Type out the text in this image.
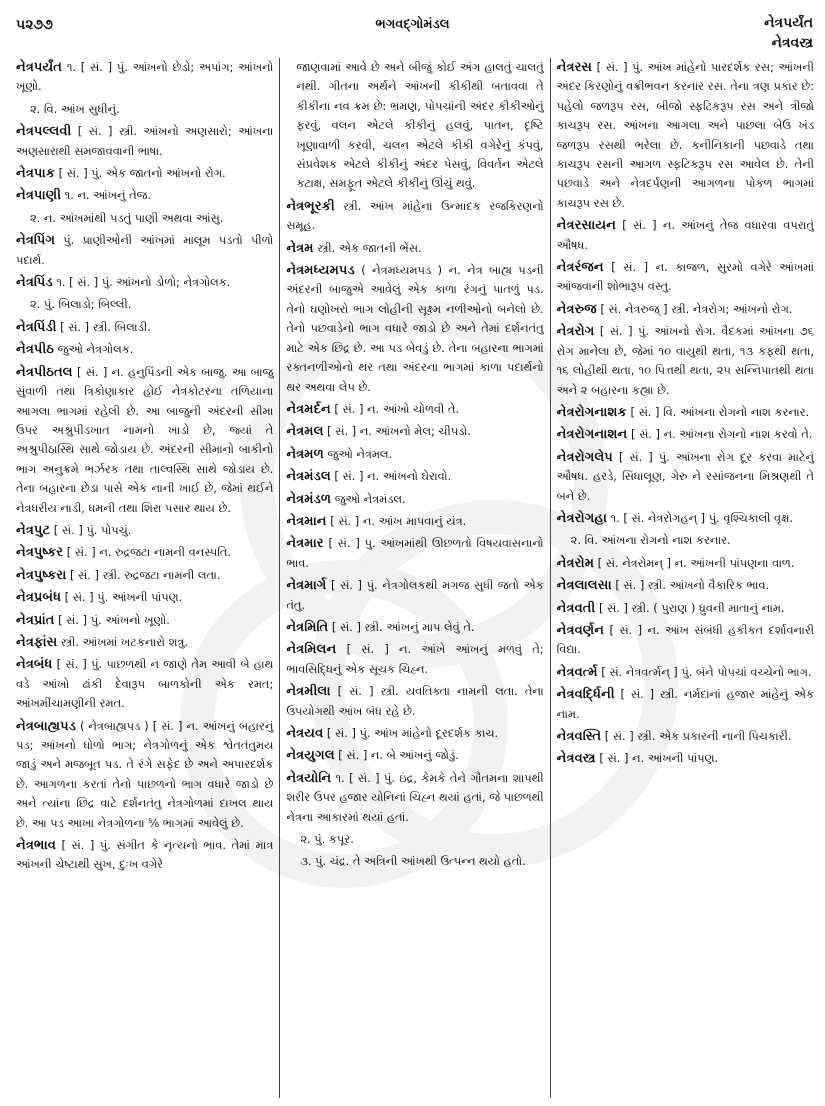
૫૨૭૭	ભગવદ્ગોમંડલ	નેત્રપર્યંત
નેત્રવસ્ત્ર
નેત્રપર્યંત ૧. [ સં. ] પું. આંખનો છેડો; અપાંગ; આંખનો ખૂણો.
૨. વિ. આંખ સુધીનું.
નેત્રપલ્લવી [ સં. ] સ્ત્રી. આંખનો અણસારો; આંખના અણસારાથી સમજાવવાની ભાષા.
નેત્રપાક [ સં. ] પું. એક જાતનો આંખનો રોગ.
નેત્રપાણી ૧. ન. આંખનું તેજ.
૨. ન. આંખમાંથી પડતું પાણી અથવા આંસુ.
નેત્રપિંગ પું. પ્રાણીઓની આંખમાં માલૂમ પડતો પીળો પદાર્થ.
નેત્રપિંડ ૧. [ સં. ] પું. આંખનો ડોળો; નેત્રગોલક.
૨. પું. બિલાડો; બિલ્લી.
નેત્રપિંડી [ સં. ] સ્ત્રી. બિલાડી.
નેત્રપીઠ જુઓ નેત્રગોલક.
નેત્રપીઠતલ [ સં. ] ન. હનુપિંડની એક બાજુ. આ બાજુ સુંવાળી તથા ત્રિકોણાકાર હોઈ નેત્રકોટરના તળિયાના આગલા ભાગમાં રહેલી છે. આ બાજુની અંદરની સીમા ઉપર અશ્રુપીડખાત નામનો ખાડો છે, જ્યાં તે અશ્રુપીઠાસ્થિ સાથે જોડાય છે. અંદરની સીમાનો બાકીનો ભાગ અનુક્રમે ભર્ઝરક તથા તાલ્વસ્થિ સાથે જોડાય છે. તેના બહારના છેડા પાસે એક નાની ખાઈ છે, જેમાં થઈને નેત્રધરીય નાડી, ધમની તથા શિરા પસાર થાય છે.
નેત્રપુટ [ સં. ] પું. પોપચું.
નેત્રપુષ્કર [ સં. ] ન. રુદ્રજટા નામની વનસ્પતિ.
નેત્રપુષ્કરા [ સં. ] સ્ત્રી. રુદ્રજટા નામની લતા.
નેત્રપ્રબંધ [ સં. ] પું. આંખની પાંપણ.
નેત્રપ્રાંત [ સં. ] પું. આંખનો ખૂણો.
નેત્રફાંસ સ્ત્રી. આંખમાં ખટકનારો શત્રુ.
નેત્રબંધ [ સં. ] પું. પાછળથી ન જાણે તેમ આવી બે હાથ વડે આંખો ઢાંકી દેવારૂપ બાળકોની એક રમત; આંખમીંચામણીની રમત.
નેત્રબાહ્યપડ ( નેત્રબાહ્યપડ ) [ સં. ] ન. આંખનું બહારનું પડ; આંખનો ધોળો ભાગ; નેત્રગોળનું એક શ્વેતતંતુમય જાડું અને મજબૂત પડ. તે રંગે સફેદ છે અને અપારદર્શક છે. આગળના કરતાં તેનો પાછળનો ભાગ વધારે જાડો છે અને ત્યાંના છિદ્ર વાટે દર્શનતંતુ નેત્રગોળમાં દાખલ થાય છે. આ પડ આખા નેત્રગોળના ⅚ ભાગમાં આવેલું છે.
નેત્રભાવ [ સં. ] પું. સંગીત કે નૃત્યનો ભાવ. તેમાં માત્ર આંખની ચેષ્ટાથી સુખ, દુઃખ વગેરે
જાણવામાં આવે છે અને બીજું કોઈ અંગ હાલતું ચાલતું નથી. ગીતના અર્થને આંખની કીકીથી બતાવવા તે કીકીના નવ ક્રમ છે: ભ્રમણ, પોપચાંની અંદર કીકીઓનું ફરવું, વલન એટલે કીકીનું હલવું, પાતન, દૃષ્ટિ ખૂણાવાળી કરવી, ચલન એટલે કીકી વગેરેનું કંપવું, સંપ્રવેશક એટલે કીકીનું અંદર પેસવું, વિવર્તન એટલે કટાક્ષ, સમફૂત એટલે કીકીનું ઊંચું થવું.
નેત્રભૂરકી સ્ત્રી. આંખ માંહેના ઉન્માદક રજકિરણનો સમૂહ.
નેત્રમ સ્ત્રી. એક જાતની ભેંસ.
નેત્રમધ્યમપડ ( નેત્રમધ્યમપડ ) ન. નેત્ર બાહ્ય પડની અંદરની બાજુએ આવેલું એક કાળા રંગનું પાતળું પડ. તેનો ઘણોખરો ભાગ લોહીની સૂક્ષ્મ નળીઓનો બનેલો છે. તેનો પછવાડેનો ભાગ વધારે જાડો છે અને તેમાં દર્શનતંતુ માટે એક છિદ્ર છે. આ પડ બેવડું છે. તેના બહારના ભાગમાં રક્તનળીઓનો થર તથા અંદરના ભાગમાં કાળા પદાર્થનો થર અથવા લેપ છે.
નેત્રમર્દન [ સં. ] ન. આંખો ચોળવી તે.
નેત્રમલ [ સં. ] ન. આંખનો મેલ; ચીપડો.
નેત્રમળ જુઓ નેત્રમલ.
નેત્રમંડલ [ સં. ] ન. આંખનો ઘેરાવો.
નેત્રમંડળ જુઓ નેત્રમંડલ.
નેત્રમાન [ સં. ] ન. આંખ માપવાનું યંત્ર.
નેત્રમાર [ સં. ] પુ. આંખમાંથી ઊછળતો વિષયવાસનાનો ભાવ.
નેત્રમાર્ગ [ સં. ] પું. નેત્રગોલકથી મગજ સુધી જતો એક તંતુ.
નેત્રમિતિ [ સં. ] સ્ત્રી. આંખનું માપ લેવું તે.
નેત્રમિલન [ સં. ] ન. આંખે આંખનું મળવું તે; ભાવસિદ્ધિનું એક સૂચક ચિહ્ન.
નેત્રમીલા [ સં. ] સ્ત્રી. યવતિક્તા નામની લતા. તેના ઉપયોગથી આંખ બંધ રહે છે.
નેત્રયવ [ સં. ] પું. આંખ માંહેનો દૂરદર્શક કાચ.
નેત્રયુગલ [ સં. ] ન. બે આંખનું જોડું.
નેત્રયોનિ ૧. [ સં. ] પું. ઇંદ્ર, કેમકે તેને ગૌતમના શાપથી શરીર ઉપર હજાર યોનિનાં ચિહ્ન થયાં હતાં, જે પાછળથી નેત્રના આકારમાં થયાં હતાં.
૨. પું. કપૂર.
૩. પું. ચંદ્ર. તે અત્રિની આંખથી ઉત્પન્ન થયો હતો.
નેત્રરસ [ સં. ] પું. આંખ માંહેનો પારદર્શક રસ; આંખની અંદર કિરણોનું વક્રીભવન કરનાર રસ. તેના ત્રણ પ્રકાર છે: પહેલો જળરૂપ રસ, બીજો સ્ફટિકરૂપ રસ અને ત્રીજો કાચરૂપ રસ. આંખના આગલા અને પાછલા બેઉ ખંડ જળરૂપ રસથી ભરેલા છે. કનીનિકાની પછવાડે તથા કાચરૂપ રસની આગળ સ્ફટિકરૂપ રસ આવેલ છે. તેની પછવાડે અને નેત્રદર્પણની આગળના પોકળ ભાગમાં કાચરૂપ રસ છે.
નેત્રરસાયન [ સં. ] ન. આંખનું તેજ વધારવા વપરાતું ઔષધ.
નેત્રરંજન [ સં. ] ન. કાજળ, સુરમો વગેરે આંખમાં આંજવાની શોભારૂપ વસ્તુ.
નેત્રરુજ [ સં. નેત્રરુજ્ ] સ્ત્રી. નેત્રરોગ; આંખનો રોગ.
નેત્રરોગ [ સં. ] પું. આંખનો રોગ. વૈદકમાં આંખના ૭૬ રોગ માનેલા છે, જેમાં ૧૦ વાયુથી થતા, ૧૩ કફથી થતા, ૧૬ લોહીથી થતા, ૧૦ પિત્તથી થતા, ૨૫ સન્નિપાતથી થતા અને ૨ બહારના કહ્યા છે.
નેત્રરોગનાશક [ સં. ] વિ. આંખના રોગનો નાશ કરનાર.
નેત્રરોગનાશન [ સં. ] ન. આંખના રોગનો નાશ કરવો તે.
નેત્રરોગલેપ [ સં. ] પું. આંખના રોગ દૂર કરવા માટેનું ઔષધ. હરડે, સિંધાલૂણ, ગેરુ ને રસાંજનના મિશ્રણથી તે બને છે.
નેત્રરોગહા ૧. [ સં. નેત્રરોગહન્ ] પું. વૃશ્ચિકાલી વૃક્ષ.
૨. વિ. આંખના રોગનો નાશ કરનાર.
નેત્રરોમ [ સં. નેત્રરોમન્ ] ન. આંખની પાંપણના વાળ.
નેત્રલાલસા [ સં. ] સ્ત્રી. આંખનો વૈકારિક ભાવ.
નેત્રવતી [ સં. ] સ્ત્રી. ( પુરાણ ) ધ્રુવની માતાનું નામ.
નેત્રવર્ણન [ સં. ] ન. આંખ સંબંધી હકીકત દર્શાવનારી વિદ્યા.
નેત્રવર્ત્મ [ સં. નેત્રવર્ત્મન્ ] પું. બંને પોપચાં વચ્ચેનો ભાગ.
નેત્રવર્દ્ધિની [ સં. ] સ્ત્રી. નર્મદાનાં હજાર માંહેનું એક નામ.
નેત્રવસ્તિ [ સં. ] સ્ત્રી. એક પ્રકારની નાની પિચકારી.
નેત્રવસ્ત્ર [ સં. ] ન. આંખની પાંપણ.
